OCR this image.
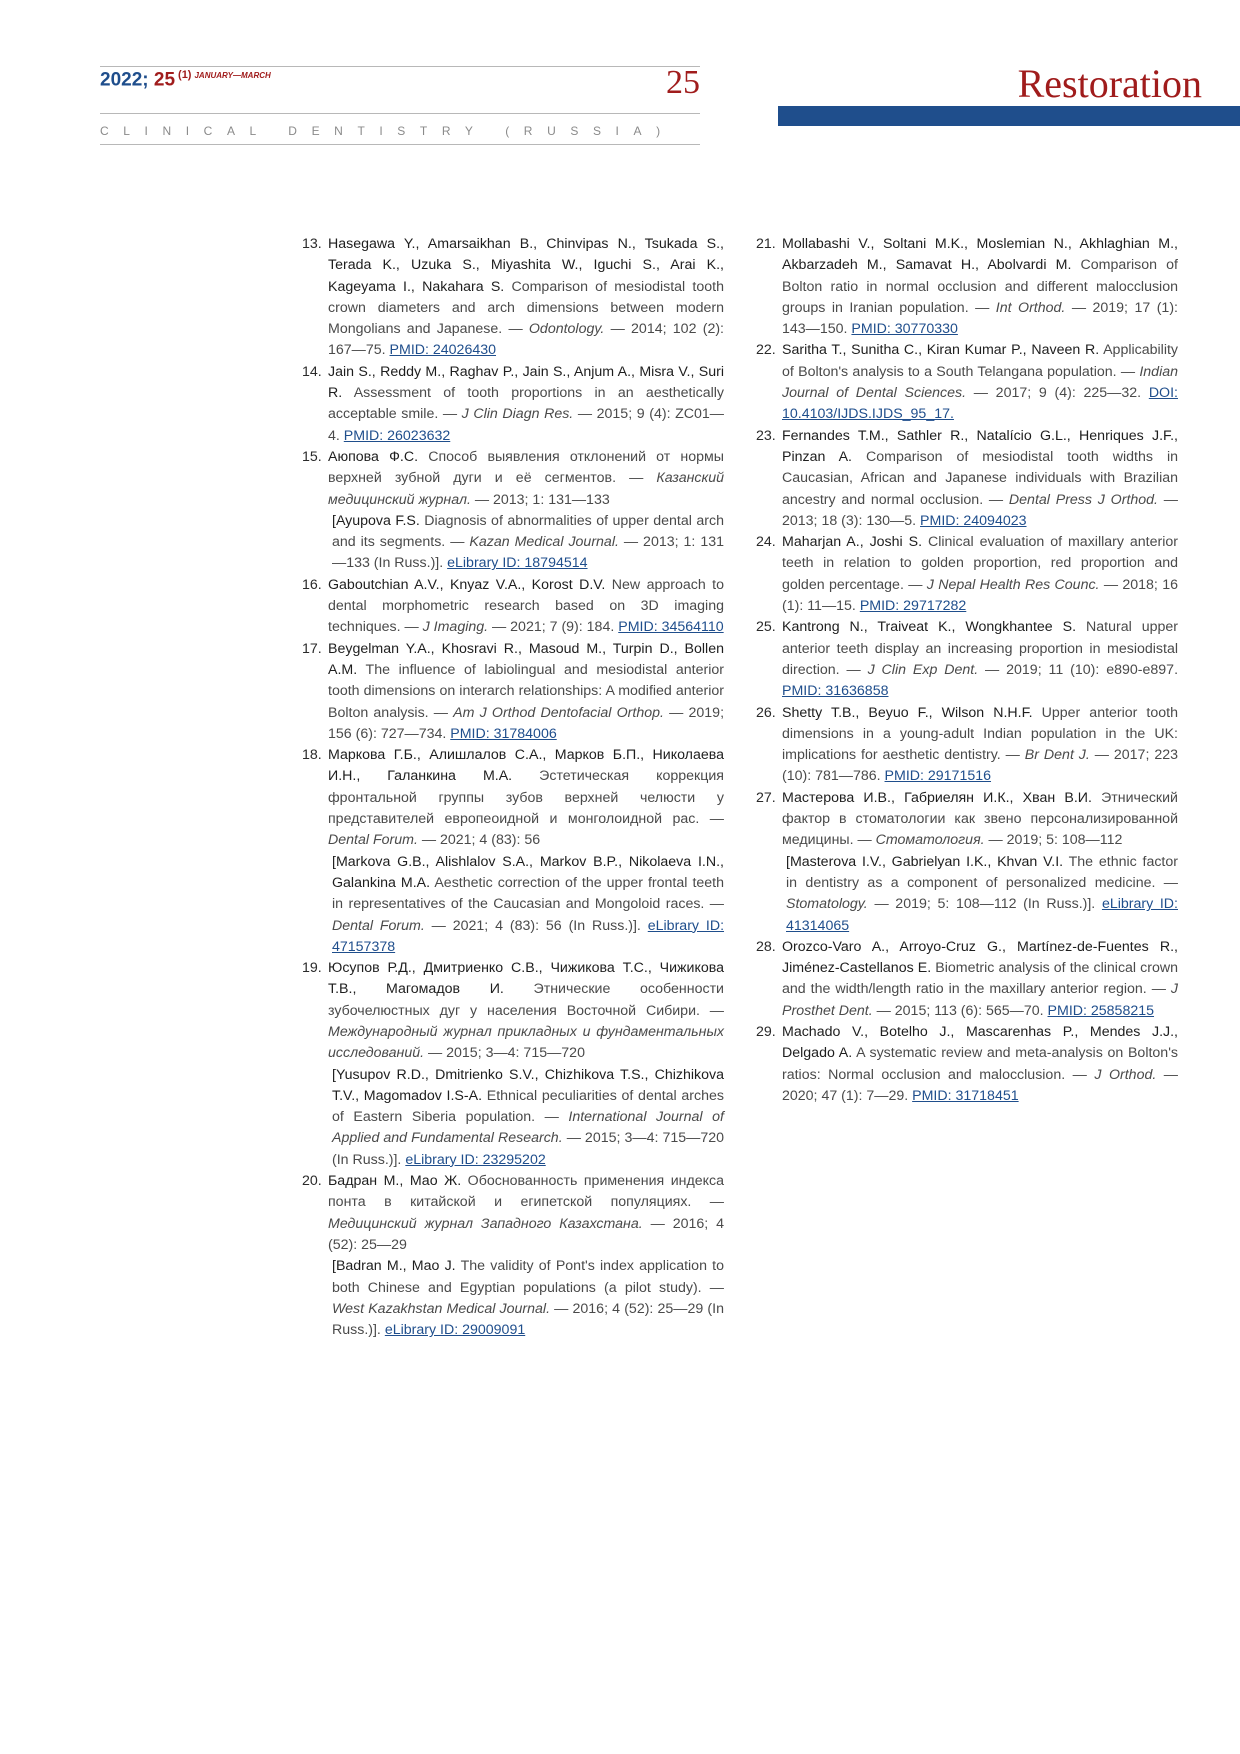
2022; 25 $^{(1)}$ $^{JANUARY—MARCH}$	25
CLINICAL DENTISTRY (RUSSIA)
Restoration
13. Hasegawa Y., Amarsaikhan B., Chinvipas N., Tsukada S., Terada K., Uzuka S., Miyashita W., Iguchi S., Arai K., Kageyama I., Nakahara S. Comparison of mesiodistal tooth crown diameters and arch dimensions between modern Mongolians and Japanese. — Odontology. — 2014; 102 (2): 167—75. PMID: 24026430
14. Jain S., Reddy M., Raghav P., Jain S., Anjum A., Misra V., Suri R. Assessment of tooth proportions in an aesthetically acceptable smile. — J Clin Diagn Res. — 2015; 9 (4): ZC01—4. PMID: 26023632
15. Аюпова Ф.С. Способ выявления отклонений от нормы верхней зубной дуги и её сегментов. — Казанский медицинский журнал. — 2013; 1: 131—133
[Ayupova F.S. Diagnosis of abnormalities of upper dental arch and its segments. — Kazan Medical Journal. — 2013; 1: 131—133 (In Russ.)]. eLibrary ID: 18794514
16. Gaboutchian A.V., Knyaz V.A., Korost D.V. New approach to dental morphometric research based on 3D imaging techniques. — J Imaging. — 2021; 7 (9): 184. PMID: 34564110
17. Beygelman Y.A., Khosravi R., Masoud M., Turpin D., Bollen A.M. The influence of labiolingual and mesiodistal anterior tooth dimensions on interarch relationships: A modified anterior Bolton analysis. — Am J Orthod Dentofacial Orthop. — 2019; 156 (6): 727—734. PMID: 31784006
18. Маркова Г.Б., Алишлалов С.А., Марков Б.П., Николаева И.Н., Галанкина М.А. Эстетическая коррекция фронтальной группы зубов верхней челюсти у представителей европеоидной и монголоидной рас. — Dental Forum. — 2021; 4 (83): 56
[Markova G.B., Alishlalov S.A., Markov B.P., Nikolaeva I.N., Galankina M.A. Aesthetic correction of the upper frontal teeth in representatives of the Caucasian and Mongoloid races. — Dental Forum. — 2021; 4 (83): 56 (In Russ.)]. eLibrary ID: 47157378
19. Юсупов Р.Д., Дмитриенко С.В., Чижикова Т.С., Чижикова Т.В., Магомадов И. Этнические особенности зубочелюстных дуг у населения Восточной Сибири. — Международный журнал прикладных и фундаментальных исследований. — 2015; 3—4: 715—720
[Yusupov R.D., Dmitrienko S.V., Chizhikova T.S., Chizhikova T.V., Magomadov I.S-A. Ethnical peculiarities of dental arches of Eastern Siberia population. — International Journal of Applied and Fundamental Research. — 2015; 3—4: 715—720 (In Russ.)]. eLibrary ID: 23295202
20. Бадран М., Мао Ж. Обоснованность применения индекса понта в китайской и египетской популяциях. — Медицинский журнал Западного Казахстана. — 2016; 4 (52): 25—29
[Badran M., Mao J. The validity of Pont's index application to both Chinese and Egyptian populations (a pilot study). — West Kazakhstan Medical Journal. — 2016; 4 (52): 25—29 (In Russ.)]. eLibrary ID: 29009091
21. Mollabashi V., Soltani M.K., Moslemian N., Akhlaghian M., Akbarzadeh M., Samavat H., Abolvardi M. Comparison of Bolton ratio in normal occlusion and different malocclusion groups in Iranian population. — Int Orthod. — 2019; 17 (1): 143—150. PMID: 30770330
22. Saritha T., Sunitha C., Kiran Kumar P., Naveen R. Applicability of Bolton's analysis to a South Telangana population. — Indian Journal of Dental Sciences. — 2017; 9 (4): 225—32. DOI: 10.4103/IJDS.IJDS_95_17.
23. Fernandes T.M., Sathler R., Natalício G.L., Henriques J.F., Pinzan A. Comparison of mesiodistal tooth widths in Caucasian, African and Japanese individuals with Brazilian ancestry and normal occlusion. — Dental Press J Orthod. — 2013; 18 (3): 130—5. PMID: 24094023
24. Maharjan A., Joshi S. Clinical evaluation of maxillary anterior teeth in relation to golden proportion, red proportion and golden percentage. — J Nepal Health Res Counc. — 2018; 16 (1): 11—15. PMID: 29717282
25. Kantrong N., Traiveat K., Wongkhantee S. Natural upper anterior teeth display an increasing proportion in mesiodistal direction. — J Clin Exp Dent. — 2019; 11 (10): e890-e897. PMID: 31636858
26. Shetty T.B., Beyuo F., Wilson N.H.F. Upper anterior tooth dimensions in a young-adult Indian population in the UK: implications for aesthetic dentistry. — Br Dent J. — 2017; 223 (10): 781—786. PMID: 29171516
27. Мастерова И.В., Габриелян И.К., Хван В.И. Этнический фактор в стоматологии как звено персонализированной медицины. — Стоматология. — 2019; 5: 108—112
[Masterova I.V., Gabrielyan I.K., Khvan V.I. The ethnic factor in dentistry as a component of personalized medicine. — Stomatology. — 2019; 5: 108—112 (In Russ.)]. eLibrary ID: 41314065
28. Orozco-Varo A., Arroyo-Cruz G., Martínez-de-Fuentes R., Jiménez-Castellanos E. Biometric analysis of the clinical crown and the width/length ratio in the maxillary anterior region. — J Prosthet Dent. — 2015; 113 (6): 565—70. PMID: 25858215
29. Machado V., Botelho J., Mascarenhas P., Mendes J.J., Delgado A. A systematic review and meta-analysis on Bolton's ratios: Normal occlusion and malocclusion. — J Orthod. — 2020; 47 (1): 7—29. PMID: 31718451
